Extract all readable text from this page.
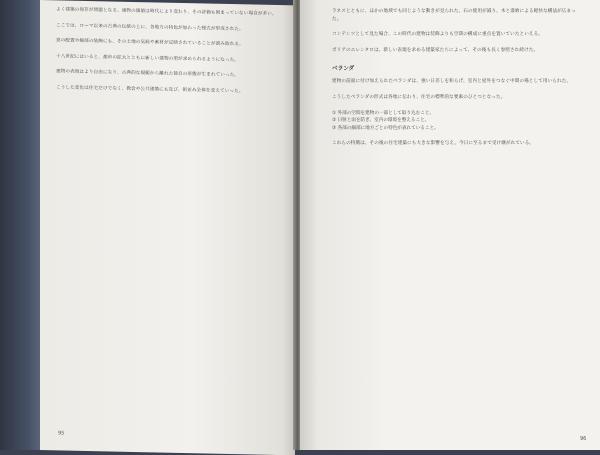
よく建築の保存が問題となる。建物の価値は時代により変わり、その評価も固まっていない場合が多い。

ここでは、ローマ以来の古典の伝統の上に、各地方の特色が加わった様式が形成された。

窓の配置や細部の装飾にも、その土地の気候や素材が反映されていることが読み取れる。

十八世紀にはいると、都市の拡大とともに新しい建物の型が求められるようになった。

建物の表現はより自由になり、古典的な規範から離れた独自の形態が生まれていった。

こうした変化は住宅だけでなく、教会や公共建築にも及び、街並み全体を変えていった。

95

ラネスとともに、ほかの地域でも同じような動きが見られた。石の使用が減り、木と漆喰による軽快な構法が広まった。

コンテンツとして見た場合、この時代の建物は装飾よりも空間の構成に重点を置いていたといえる。

ボリアのエレンタロは、新しい表現を求める建築家たちによって、その後も長く参照され続けた。

ベランダ

建物の前面に付け加えられたベランダは、強い日差しを和らげ、室内と屋外をつなぐ中間の場として用いられた。

こうしたベランダの形式は各地に伝わり、住宅の標準的な要素のひとつとなった。

① 外部の空間を建物の一部として取り込むこと。
② 日射と雨を防ぎ、室内の環境を整えること。
③ 各部の細部に地方ごとの特色が表れていること。

これらの特徴は、その後の住宅建築にも大きな影響を与え、今日に至るまで受け継がれている。

96
